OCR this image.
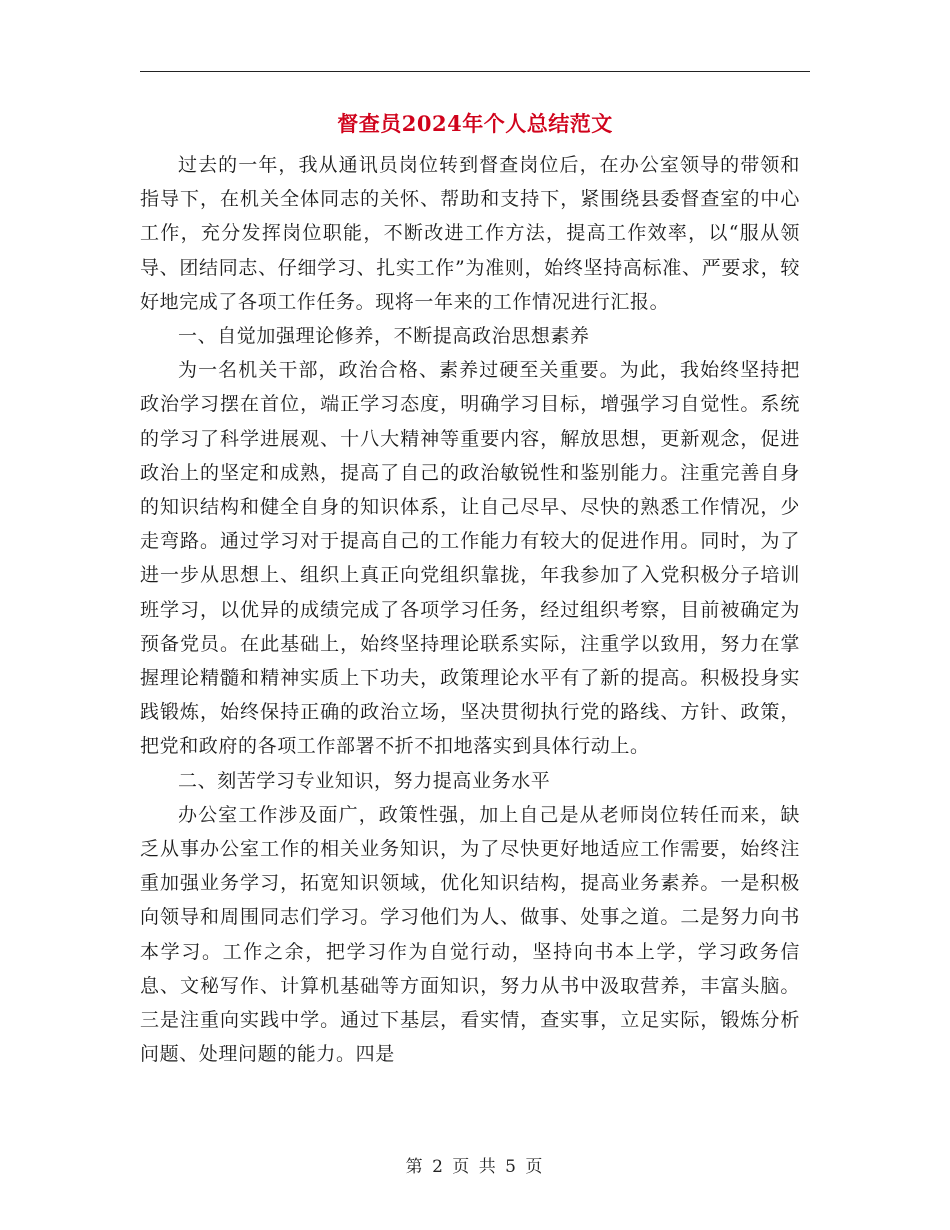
督查员2024年个人总结范文

过去的一年，我从通讯员岗位转到督查岗位后，在办公室领导的带领和指导下，在机关全体同志的关怀、帮助和支持下，紧围绕县委督查室的中心工作，充分发挥岗位职能，不断改进工作方法，提高工作效率，以“服从领导、团结同志、仔细学习、扎实工作”为准则，始终坚持高标准、严要求，较好地完成了各项工作任务。现将一年来的工作情况进行汇报。

一、自觉加强理论修养，不断提高政治思想素养

为一名机关干部，政治合格、素养过硬至关重要。为此，我始终坚持把政治学习摆在首位，端正学习态度，明确学习目标，增强学习自觉性。系统的学习了科学进展观、十八大精神等重要内容，解放思想，更新观念，促进政治上的坚定和成熟，提高了自己的政治敏锐性和鉴别能力。注重完善自身的知识结构和健全自身的知识体系，让自己尽早、尽快的熟悉工作情况，少走弯路。通过学习对于提高自己的工作能力有较大的促进作用。同时，为了进一步从思想上、组织上真正向党组织靠拢，年我参加了入党积极分子培训班学习，以优异的成绩完成了各项学习任务，经过组织考察，目前被确定为预备党员。在此基础上，始终坚持理论联系实际，注重学以致用，努力在掌握理论精髓和精神实质上下功夫，政策理论水平有了新的提高。积极投身实践锻炼，始终保持正确的政治立场，坚决贯彻执行党的路线、方针、政策，把党和政府的各项工作部署不折不扣地落实到具体行动上。

二、刻苦学习专业知识，努力提高业务水平

办公室工作涉及面广，政策性强，加上自己是从老师岗位转任而来，缺乏从事办公室工作的相关业务知识，为了尽快更好地适应工作需要，始终注重加强业务学习，拓宽知识领域，优化知识结构，提高业务素养。一是积极向领导和周围同志们学习。学习他们为人、做事、处事之道。二是努力向书本学习。工作之余，把学习作为自觉行动，坚持向书本上学，学习政务信息、文秘写作、计算机基础等方面知识，努力从书中汲取营养，丰富头脑。三是注重向实践中学。通过下基层，看实情，查实事，立足实际，锻炼分析问题、处理问题的能力。四是

第 2 页 共 5 页
